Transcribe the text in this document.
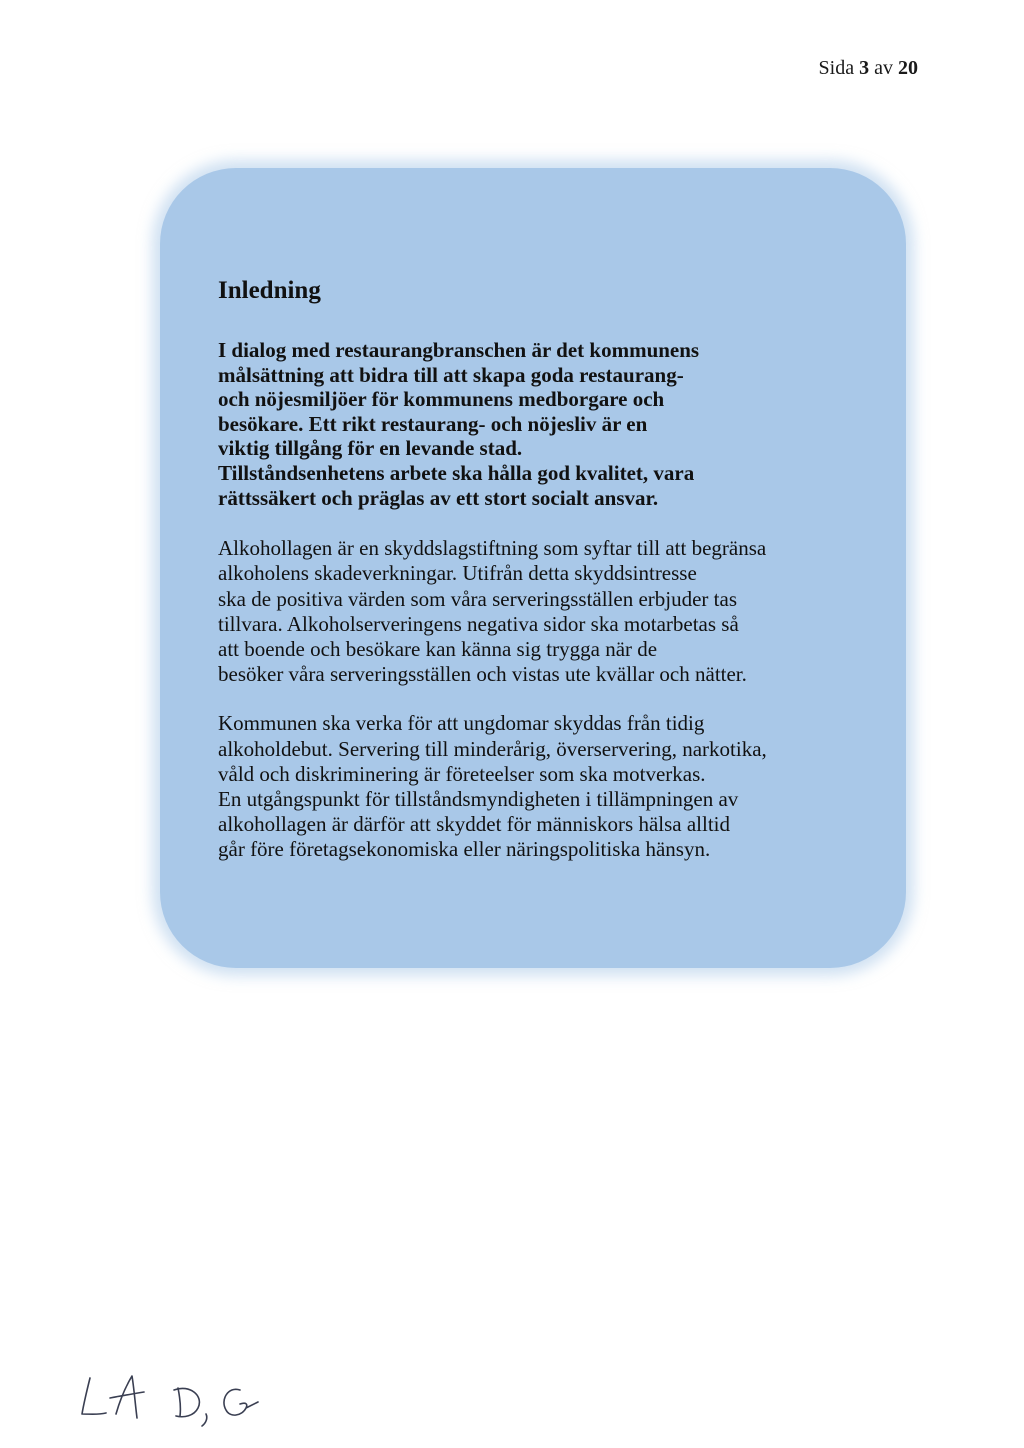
Sida 3 av 20
Inledning

I dialog med restaurangbranschen är det kommunens
målsättning att bidra till att skapa goda restaurang-
och nöjesmiljöer för kommunens medborgare och
besökare. Ett rikt restaurang- och nöjesliv är en
viktig tillgång för en levande stad.
Tillståndsenhetens arbete ska hålla god kvalitet, vara
rättssäkert och präglas av ett stort socialt ansvar.

Alkohollagen är en skyddslagstiftning som syftar till att begränsa
alkoholens skadeverkningar. Utifrån detta skyddsintresse
ska de positiva värden som våra serveringsställen erbjuder tas
tillvara. Alkoholserveringens negativa sidor ska motarbetas så
att boende och besökare kan känna sig trygga när de
besöker våra serveringsställen och vistas ute kvällar och nätter.

Kommunen ska verka för att ungdomar skyddas från tidig
alkoholdebut. Servering till minderårig, överservering, narkotika,
våld och diskriminering är företeelser som ska motverkas.
En utgångspunkt för tillståndsmyndigheten i tillämpningen av
alkohollagen är därför att skyddet för människors hälsa alltid
går före företagsekonomiska eller näringspolitiska hänsyn.
